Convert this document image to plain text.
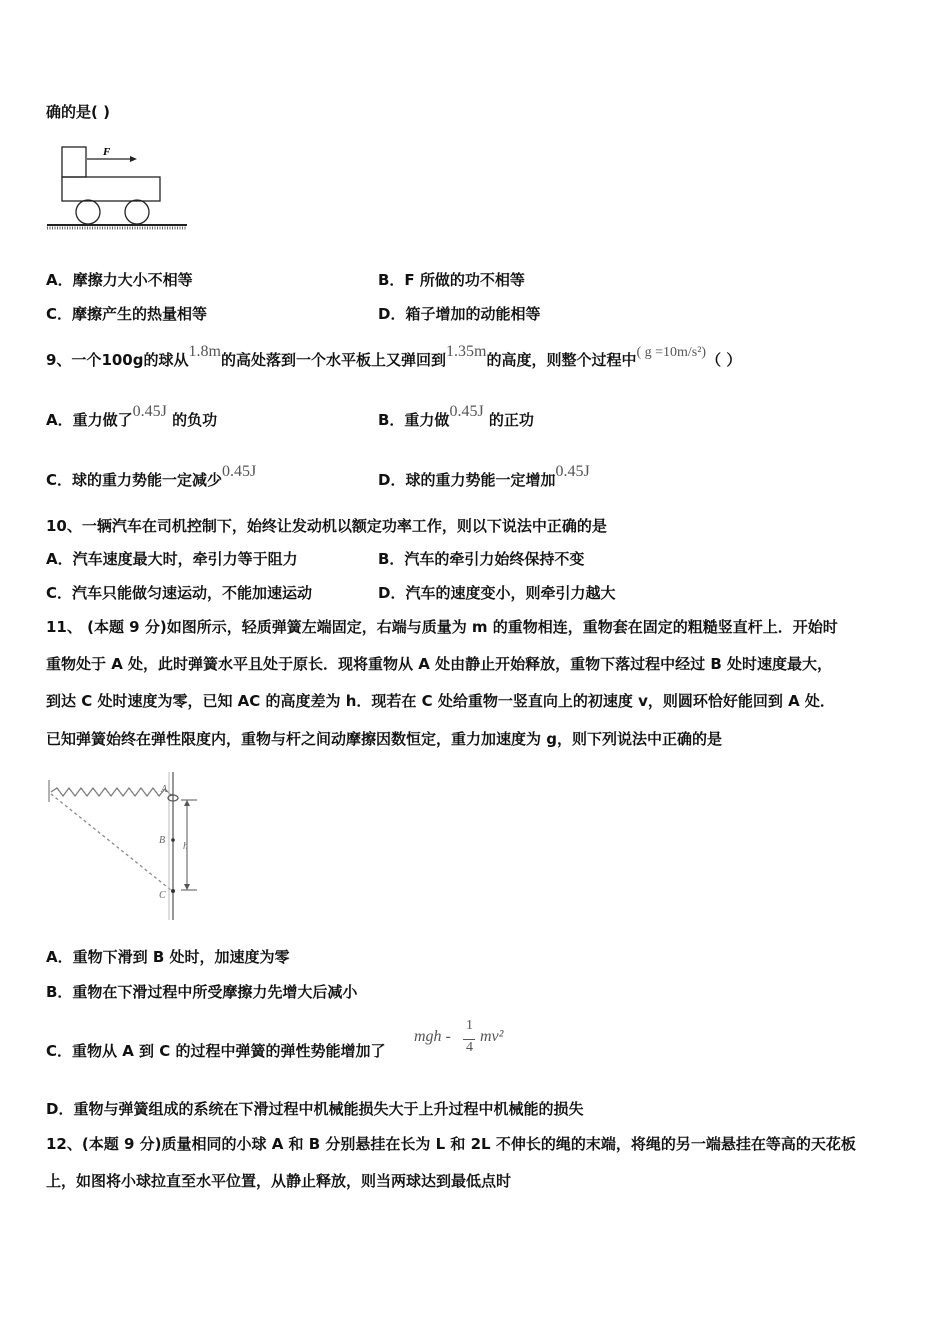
确的是( )
F
A．摩擦力大小不相等	B．F 所做的功不相等
C．摩擦产生的热量相等	D．箱子增加的动能相等
9、一个100g的球从1.8m的高处落到一个水平板上又弹回到1.35m的高度，则整个过程中( g =10m/s²)（ ）
A．重力做了0.45J 的负功	B．重力做0.45J 的正功
C．球的重力势能一定减少0.45J	D．球的重力势能一定增加0.45J
10、一辆汽车在司机控制下，始终让发动机以额定功率工作，则以下说法中正确的是
A．汽车速度最大时，牵引力等于阻力	B．汽车的牵引力始终保持不变
C．汽车只能做匀速运动，不能加速运动	D．汽车的速度变小，则牵引力越大
11、 (本题 9 分)如图所示，轻质弹簧左端固定，右端与质量为 m 的重物相连，重物套在固定的粗糙竖直杆上．开始时
重物处于 A 处，此时弹簧水平且处于原长．现将重物从 A 处由静止开始释放，重物下落过程中经过 B 处时速度最大，
到达 C 处时速度为零，已知 AC 的高度差为 h．现若在 C 处给重物一竖直向上的初速度 v，则圆环恰好能回到 A 处．
已知弹簧始终在弹性限度内，重物与杆之间动摩擦因数恒定，重力加速度为 g，则下列说法中正确的是
A
B
C
h
A．重物下滑到 B 处时，加速度为零
B．重物在下滑过程中所受摩擦力先增大后减小
C．重物从 A 到 C 的过程中弹簧的弹性势能增加了
mgh -
1
4
mv²
D．重物与弹簧组成的系统在下滑过程中机械能损失大于上升过程中机械能的损失
12、(本题 9 分)质量相同的小球 A 和 B 分别悬挂在长为 L 和 2L 不伸长的绳的末端，将绳的另一端悬挂在等高的天花板
上，如图将小球拉直至水平位置，从静止释放，则当两球达到最低点时
